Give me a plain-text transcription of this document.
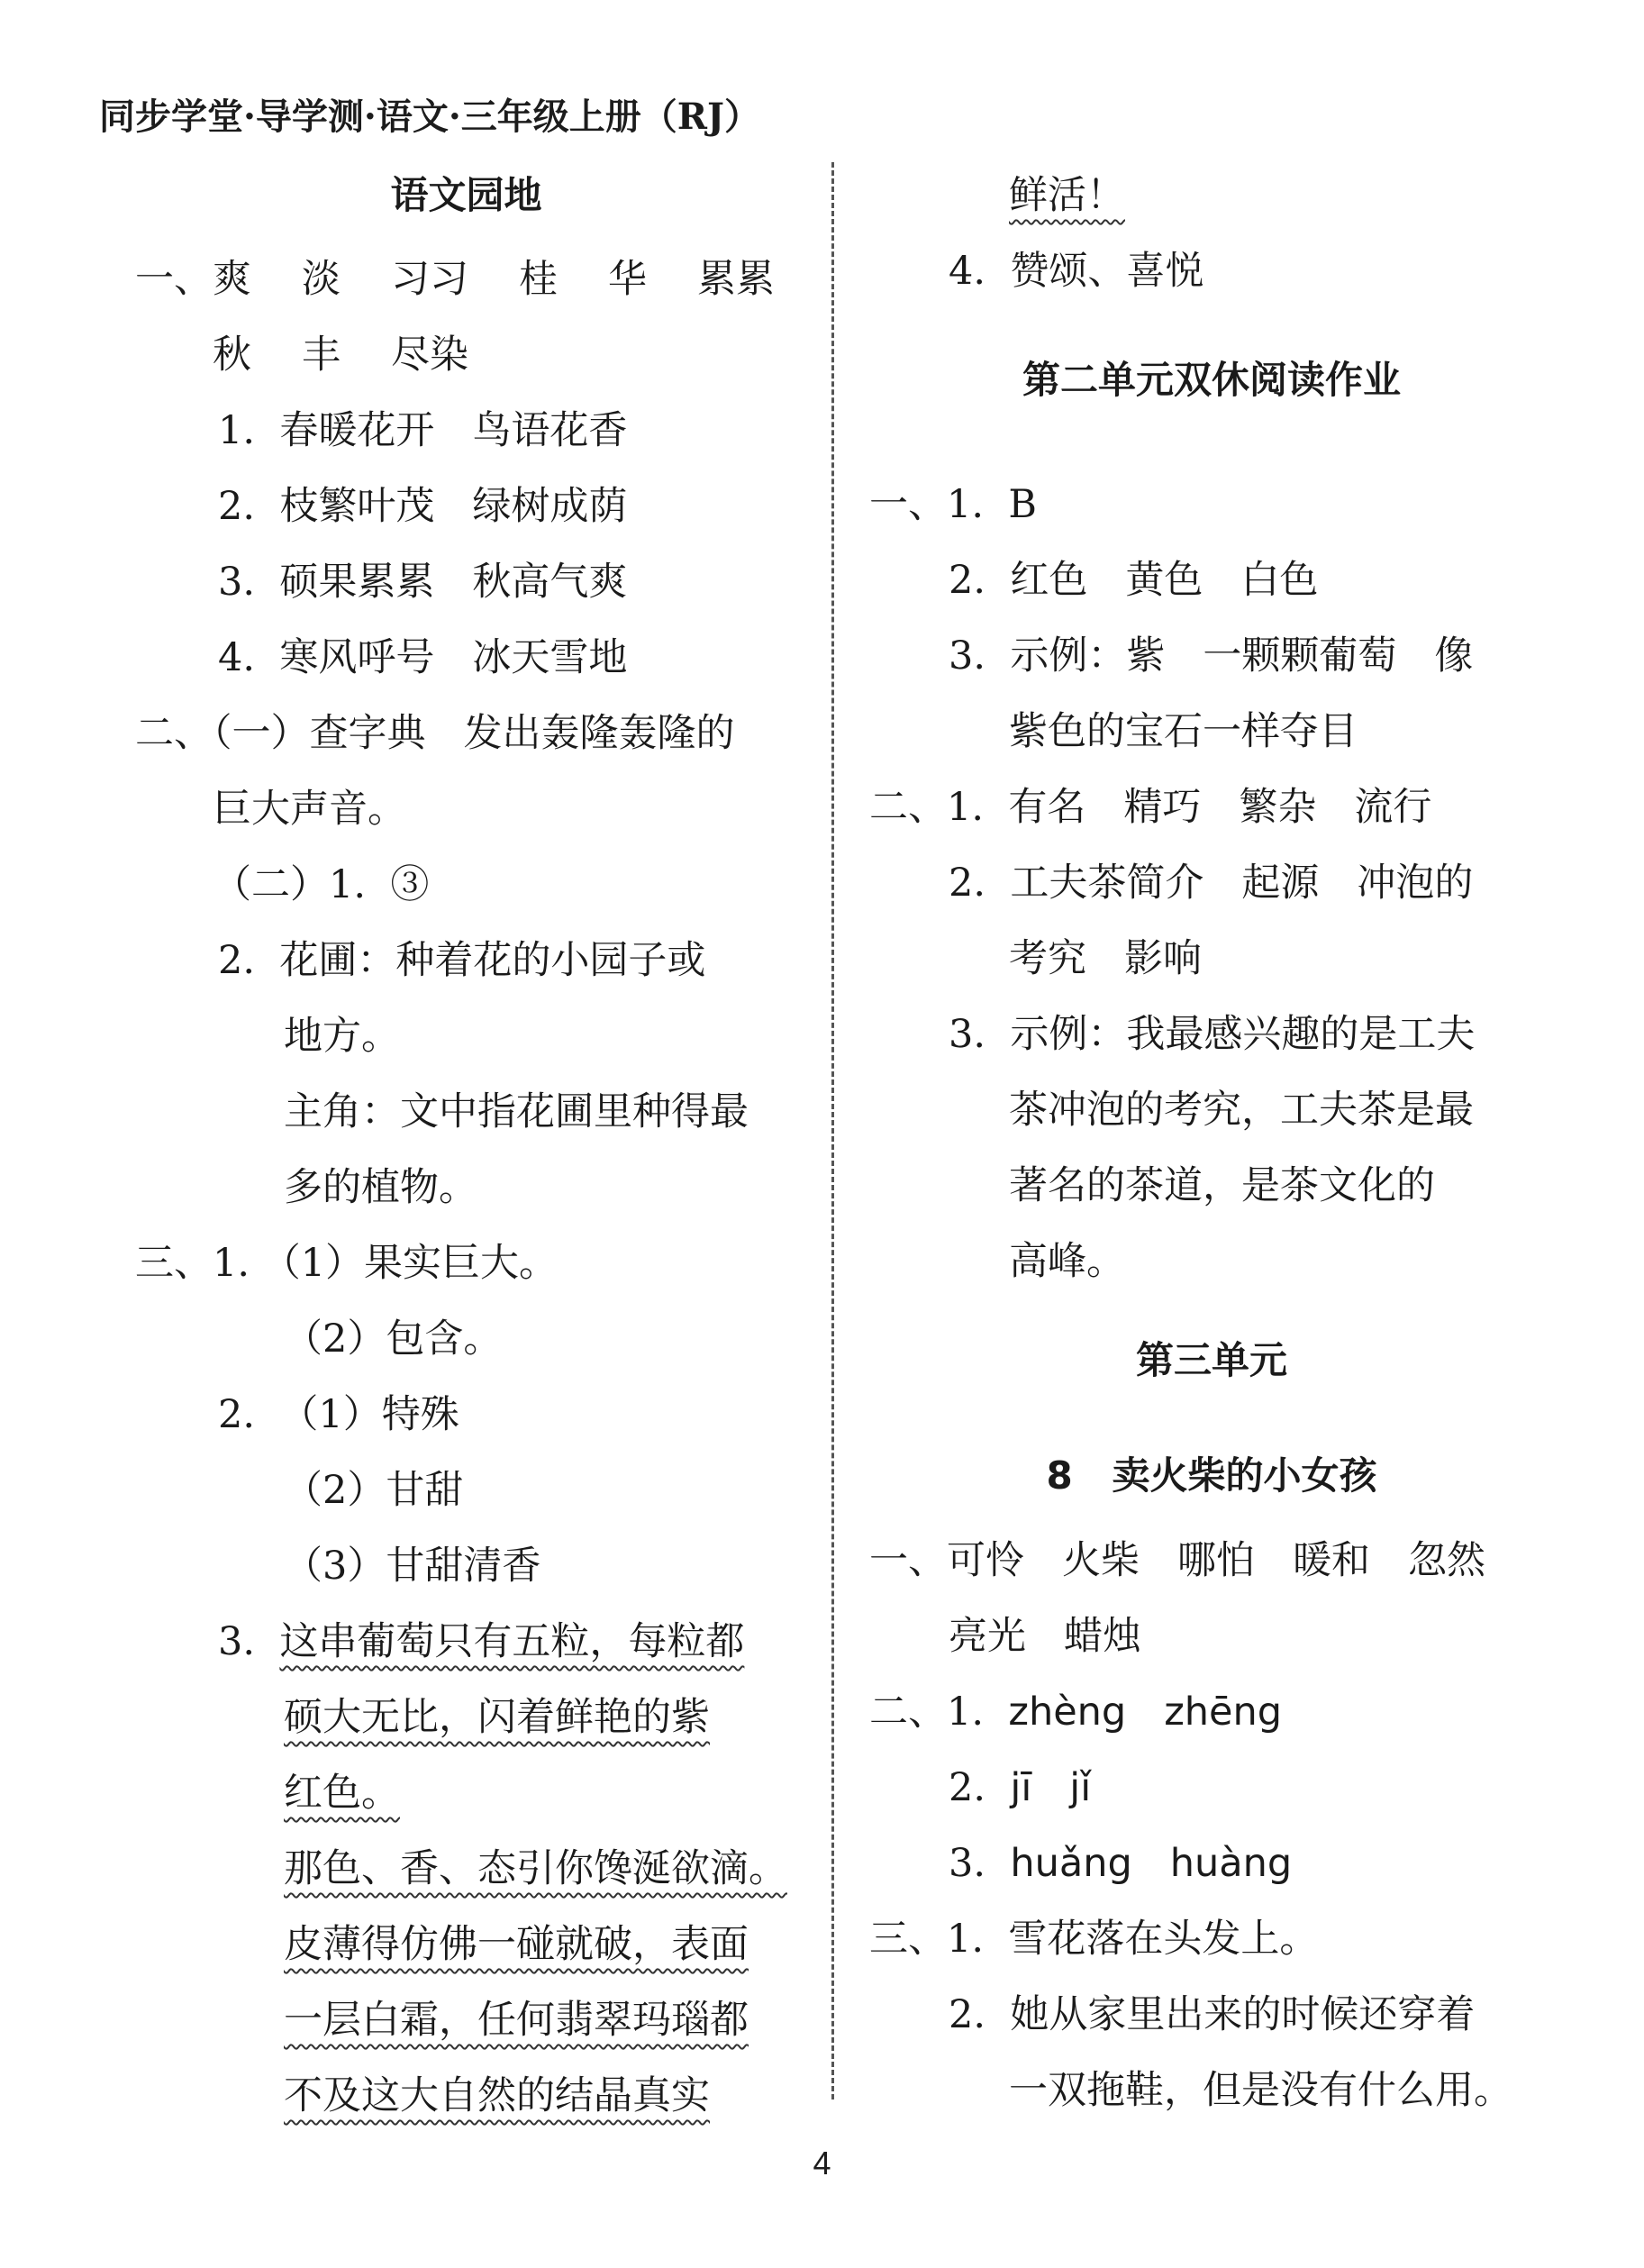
同步学堂·导学测·语文·三年级上册（RJ）
语文园地
一、爽 淡 习习 桂 华 累累
秋 丰 尽染
1. 春暖花开 鸟语花香
2. 枝繁叶茂 绿树成荫
3. 硕果累累 秋高气爽
4. 寒风呼号 冰天雪地
二、（一）查字典 发出轰隆轰隆的
巨大声音。
（二）1. ③
2. 花圃：种着花的小园子或
地方。
主角：文中指花圃里种得最
多的植物。
三、1. （1）果实巨大。
（2）包含。
2. （1）特殊
（2）甘甜
（3）甘甜清香
3. 这串葡萄只有五粒，每粒都
硕大无比，闪着鲜艳的紫
红色。
那色、香、态引你馋涎欲滴。
皮薄得仿佛一碰就破，表面
一层白霜，任何翡翠玛瑙都
不及这大自然的结晶真实
鲜活！
4. 赞颂、喜悦
第二单元双休阅读作业
一、1. B
2. 红色 黄色 白色
3. 示例：紫 一颗颗葡萄 像
紫色的宝石一样夺目
二、1. 有名 精巧 繁杂 流行
2. 工夫茶简介 起源 冲泡的
考究 影响
3. 示例：我最感兴趣的是工夫
茶冲泡的考究，工夫茶是最
著名的茶道，是茶文化的
高峰。
第三单元
8 卖火柴的小女孩
一、可怜 火柴 哪怕 暖和 忽然
亮光 蜡烛
二、1. zhèng zhēng
2. jī jǐ
3. huǎng huàng
三、1. 雪花落在头发上。
2. 她从家里出来的时候还穿着
一双拖鞋，但是没有什么用。
4
